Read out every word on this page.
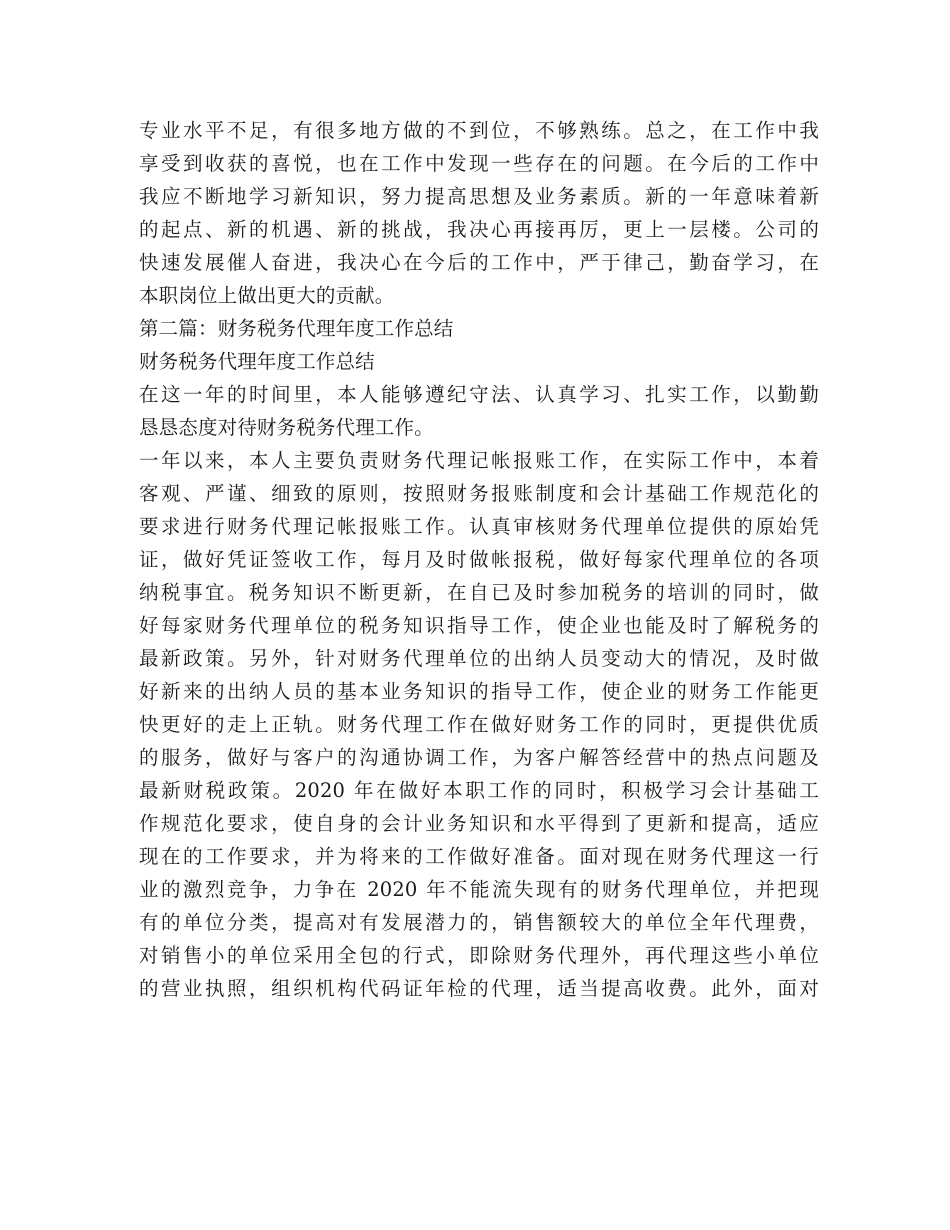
专业水平不足，有很多地方做的不到位，不够熟练。总之，在工作中我
享受到收获的喜悦，也在工作中发现一些存在的问题。在今后的工作中
我应不断地学习新知识，努力提高思想及业务素质。新的一年意味着新
的起点、新的机遇、新的挑战，我决心再接再厉，更上一层楼。公司的
快速发展催人奋进，我决心在今后的工作中，严于律己，勤奋学习，在
本职岗位上做出更大的贡献。
第二篇：财务税务代理年度工作总结
财务税务代理年度工作总结
在这一年的时间里，本人能够遵纪守法、认真学习、扎实工作，以勤勤
恳恳态度对待财务税务代理工作。
一年以来，本人主要负责财务代理记帐报账工作，在实际工作中，本着
客观、严谨、细致的原则，按照财务报账制度和会计基础工作规范化的
要求进行财务代理记帐报账工作。认真审核财务代理单位提供的原始凭
证，做好凭证签收工作，每月及时做帐报税，做好每家代理单位的各项
纳税事宜。税务知识不断更新，在自已及时参加税务的培训的同时，做
好每家财务代理单位的税务知识指导工作，使企业也能及时了解税务的
最新政策。另外，针对财务代理单位的出纳人员变动大的情况，及时做
好新来的出纳人员的基本业务知识的指导工作，使企业的财务工作能更
快更好的走上正轨。财务代理工作在做好财务工作的同时，更提供优质
的服务，做好与客户的沟通协调工作，为客户解答经营中的热点问题及
最新财税政策。2020 年在做好本职工作的同时，积极学习会计基础工
作规范化要求，使自身的会计业务知识和水平得到了更新和提高，适应
现在的工作要求，并为将来的工作做好准备。面对现在财务代理这一行
业的激烈竞争，力争在 2020 年不能流失现有的财务代理单位，并把现
有的单位分类，提高对有发展潜力的，销售额较大的单位全年代理费，
对销售小的单位采用全包的行式，即除财务代理外，再代理这些小单位
的营业执照，组织机构代码证年检的代理，适当提高收费。此外，面对
